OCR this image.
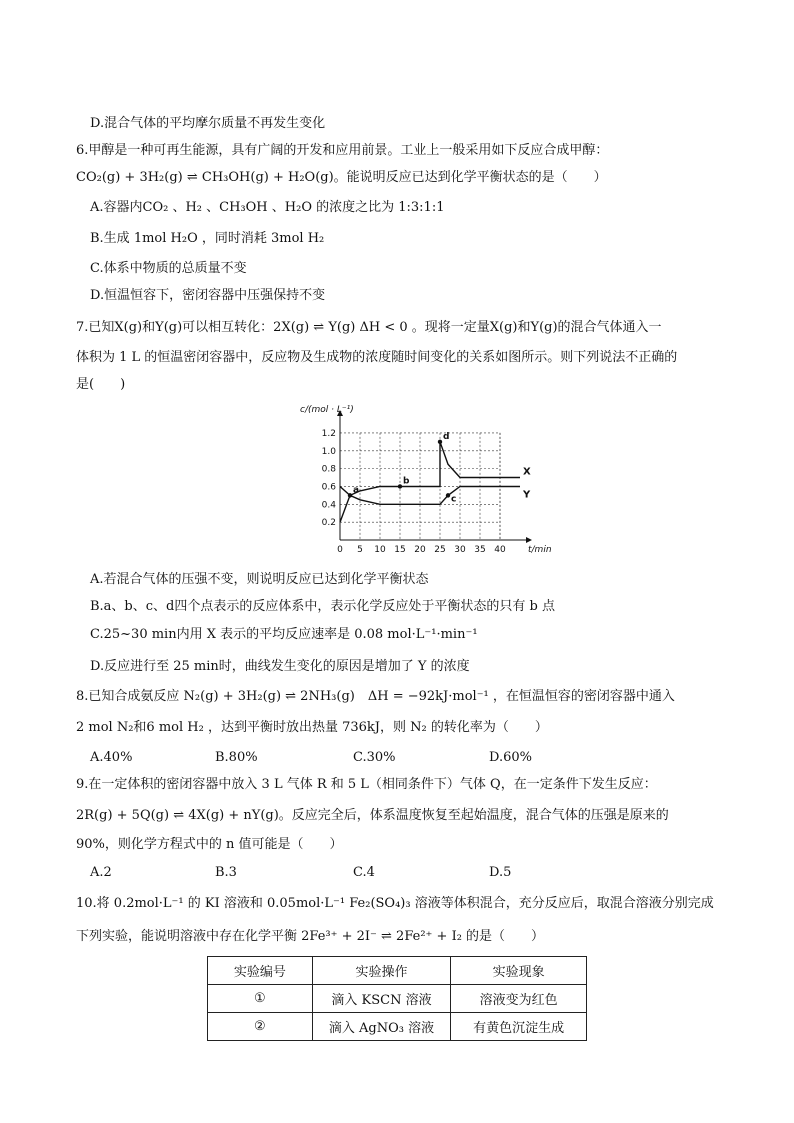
D.混合气体的平均摩尔质量不再发生变化
6.甲醇是一种可再生能源，具有广阔的开发和应用前景。工业上一般采用如下反应合成甲醇：
CO₂(g) + 3H₂(g) ⇌ CH₃OH(g) + H₂O(g)。能说明反应已达到化学平衡状态的是（　　）
A.容器内CO₂ 、H₂ 、CH₃OH 、H₂O 的浓度之比为 1:3:1:1
B.生成 1mol H₂O ，同时消耗 3mol H₂
C.体系中物质的总质量不变
D.恒温恒容下，密闭容器中压强保持不变
7.已知X(g)和Y(g)可以相互转化：2X(g) ⇌ Y(g) ΔH < 0 。现将一定量X(g)和Y(g)的混合气体通入一
体积为 1 L 的恒温密闭容器中，反应物及生成物的浓度随时间变化的关系如图所示。则下列说法不正确的
是(　　)
0 5 10 15 20 25 30 35 40
0.2
0.4
0.6
0.8
1.0
1.2
c/(mol · L⁻¹)
t/min
X
Y
a
b
c
d
A.若混合气体的压强不变，则说明反应已达到化学平衡状态
B.a、b、c、d四个点表示的反应体系中，表示化学反应处于平衡状态的只有 b 点
C.25~30 min内用 X 表示的平均反应速率是 0.08 mol·L⁻¹·min⁻¹
D.反应进行至 25 min时，曲线发生变化的原因是增加了 Y 的浓度
8.已知合成氨反应 N₂(g) + 3H₂(g) ⇌ 2NH₃(g)　ΔH = −92kJ·mol⁻¹ ，在恒温恒容的密闭容器中通入
2 mol N₂和6 mol H₂ ，达到平衡时放出热量 736kJ，则 N₂ 的转化率为（　　）
A.40%	B.80%	C.30%	D.60%
9.在一定体积的密闭容器中放入 3 L 气体 R 和 5 L（相同条件下）气体 Q，在一定条件下发生反应：
2R(g) + 5Q(g) ⇌ 4X(g) + nY(g)。反应完全后，体系温度恢复至起始温度，混合气体的压强是原来的
90%，则化学方程式中的 n 值可能是（　　）
A.2	B.3	C.4	D.5
10.将 0.2mol·L⁻¹ 的 KI 溶液和 0.05mol·L⁻¹ Fe₂(SO₄)₃ 溶液等体积混合，充分反应后，取混合溶液分别完成
下列实验，能说明溶液中存在化学平衡 2Fe³⁺ + 2I⁻ ⇌ 2Fe²⁺ + I₂ 的是（　　）
实验编号	实验操作	实验现象
①	滴入 KSCN 溶液	溶液变为红色
②	滴入 AgNO₃ 溶液	有黄色沉淀生成
